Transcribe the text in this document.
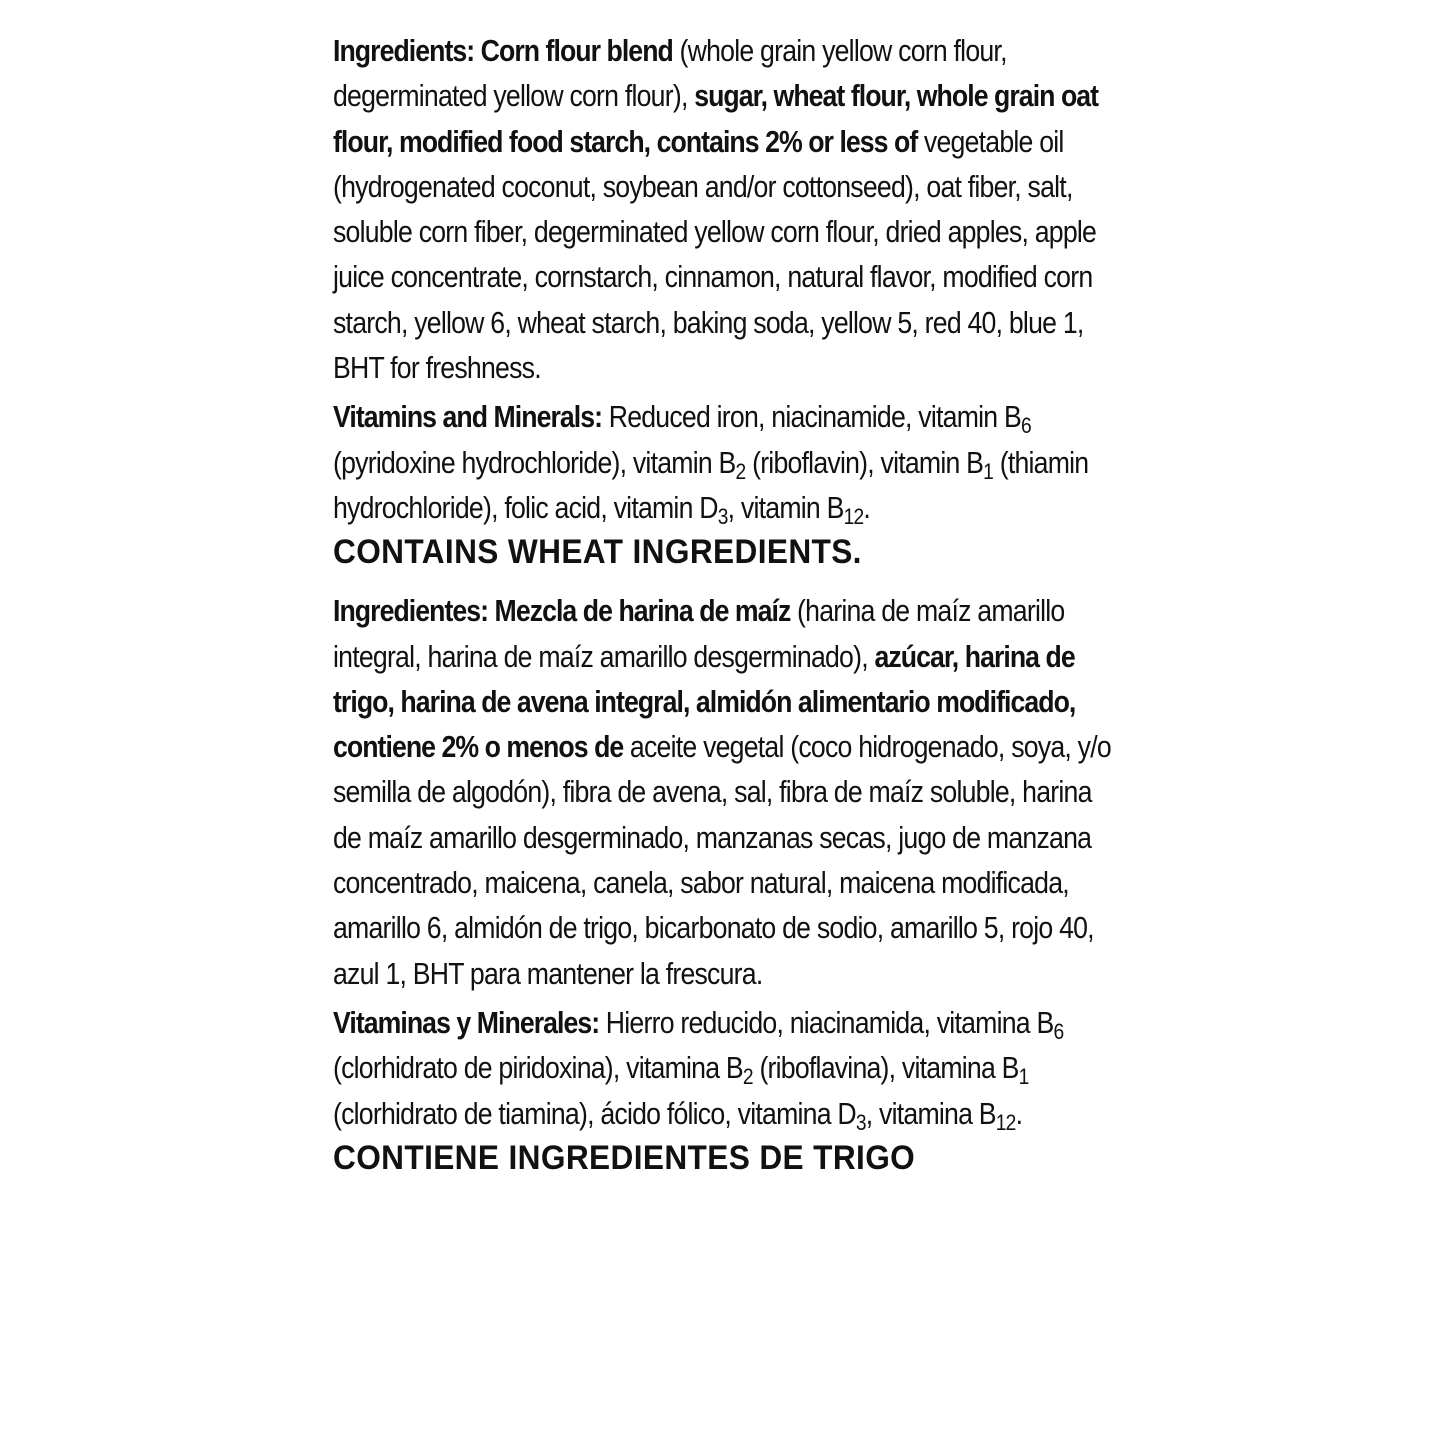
Ingredients: Corn flour blend (whole grain yellow corn flour, degerminated yellow corn flour), sugar, wheat flour, whole grain oat flour, modified food starch, contains 2% or less of vegetable oil (hydrogenated coconut, soybean and/or cottonseed), oat fiber, salt, soluble corn fiber, degerminated yellow corn flour, dried apples, apple juice concentrate, cornstarch, cinnamon, natural flavor, modified corn starch, yellow 6, wheat starch, baking soda, yellow 5, red 40, blue 1, BHT for freshness.

Vitamins and Minerals: Reduced iron, niacinamide, vitamin $B_6$ (pyridoxine hydrochloride), vitamin $B_2$ (riboflavin), vitamin $B_1$ (thiamin hydrochloride), folic acid, vitamin $D_3$, vitamin $B_{12}$.

CONTAINS WHEAT INGREDIENTS.

Ingredientes: Mezcla de harina de maíz (harina de maíz amarillo integral, harina de maíz amarillo desgerminado), azúcar, harina de trigo, harina de avena integral, almidón alimentario modificado, contiene 2% o menos de aceite vegetal (coco hidrogenado, soya, y/o semilla de algodón), fibra de avena, sal, fibra de maíz soluble, harina de maíz amarillo desgerminado, manzanas secas, jugo de manzana concentrado, maicena, canela, sabor natural, maicena modificada, amarillo 6, almidón de trigo, bicarbonato de sodio, amarillo 5, rojo 40, azul 1, BHT para mantener la frescura.

Vitaminas y Minerales: Hierro reducido, niacinamida, vitamina $B_6$ (clorhidrato de piridoxina), vitamina $B_2$ (riboflavina), vitamina $B_1$ (clorhidrato de tiamina), ácido fólico, vitamina $D_3$, vitamina $B_{12}$.

CONTIENE INGREDIENTES DE TRIGO
